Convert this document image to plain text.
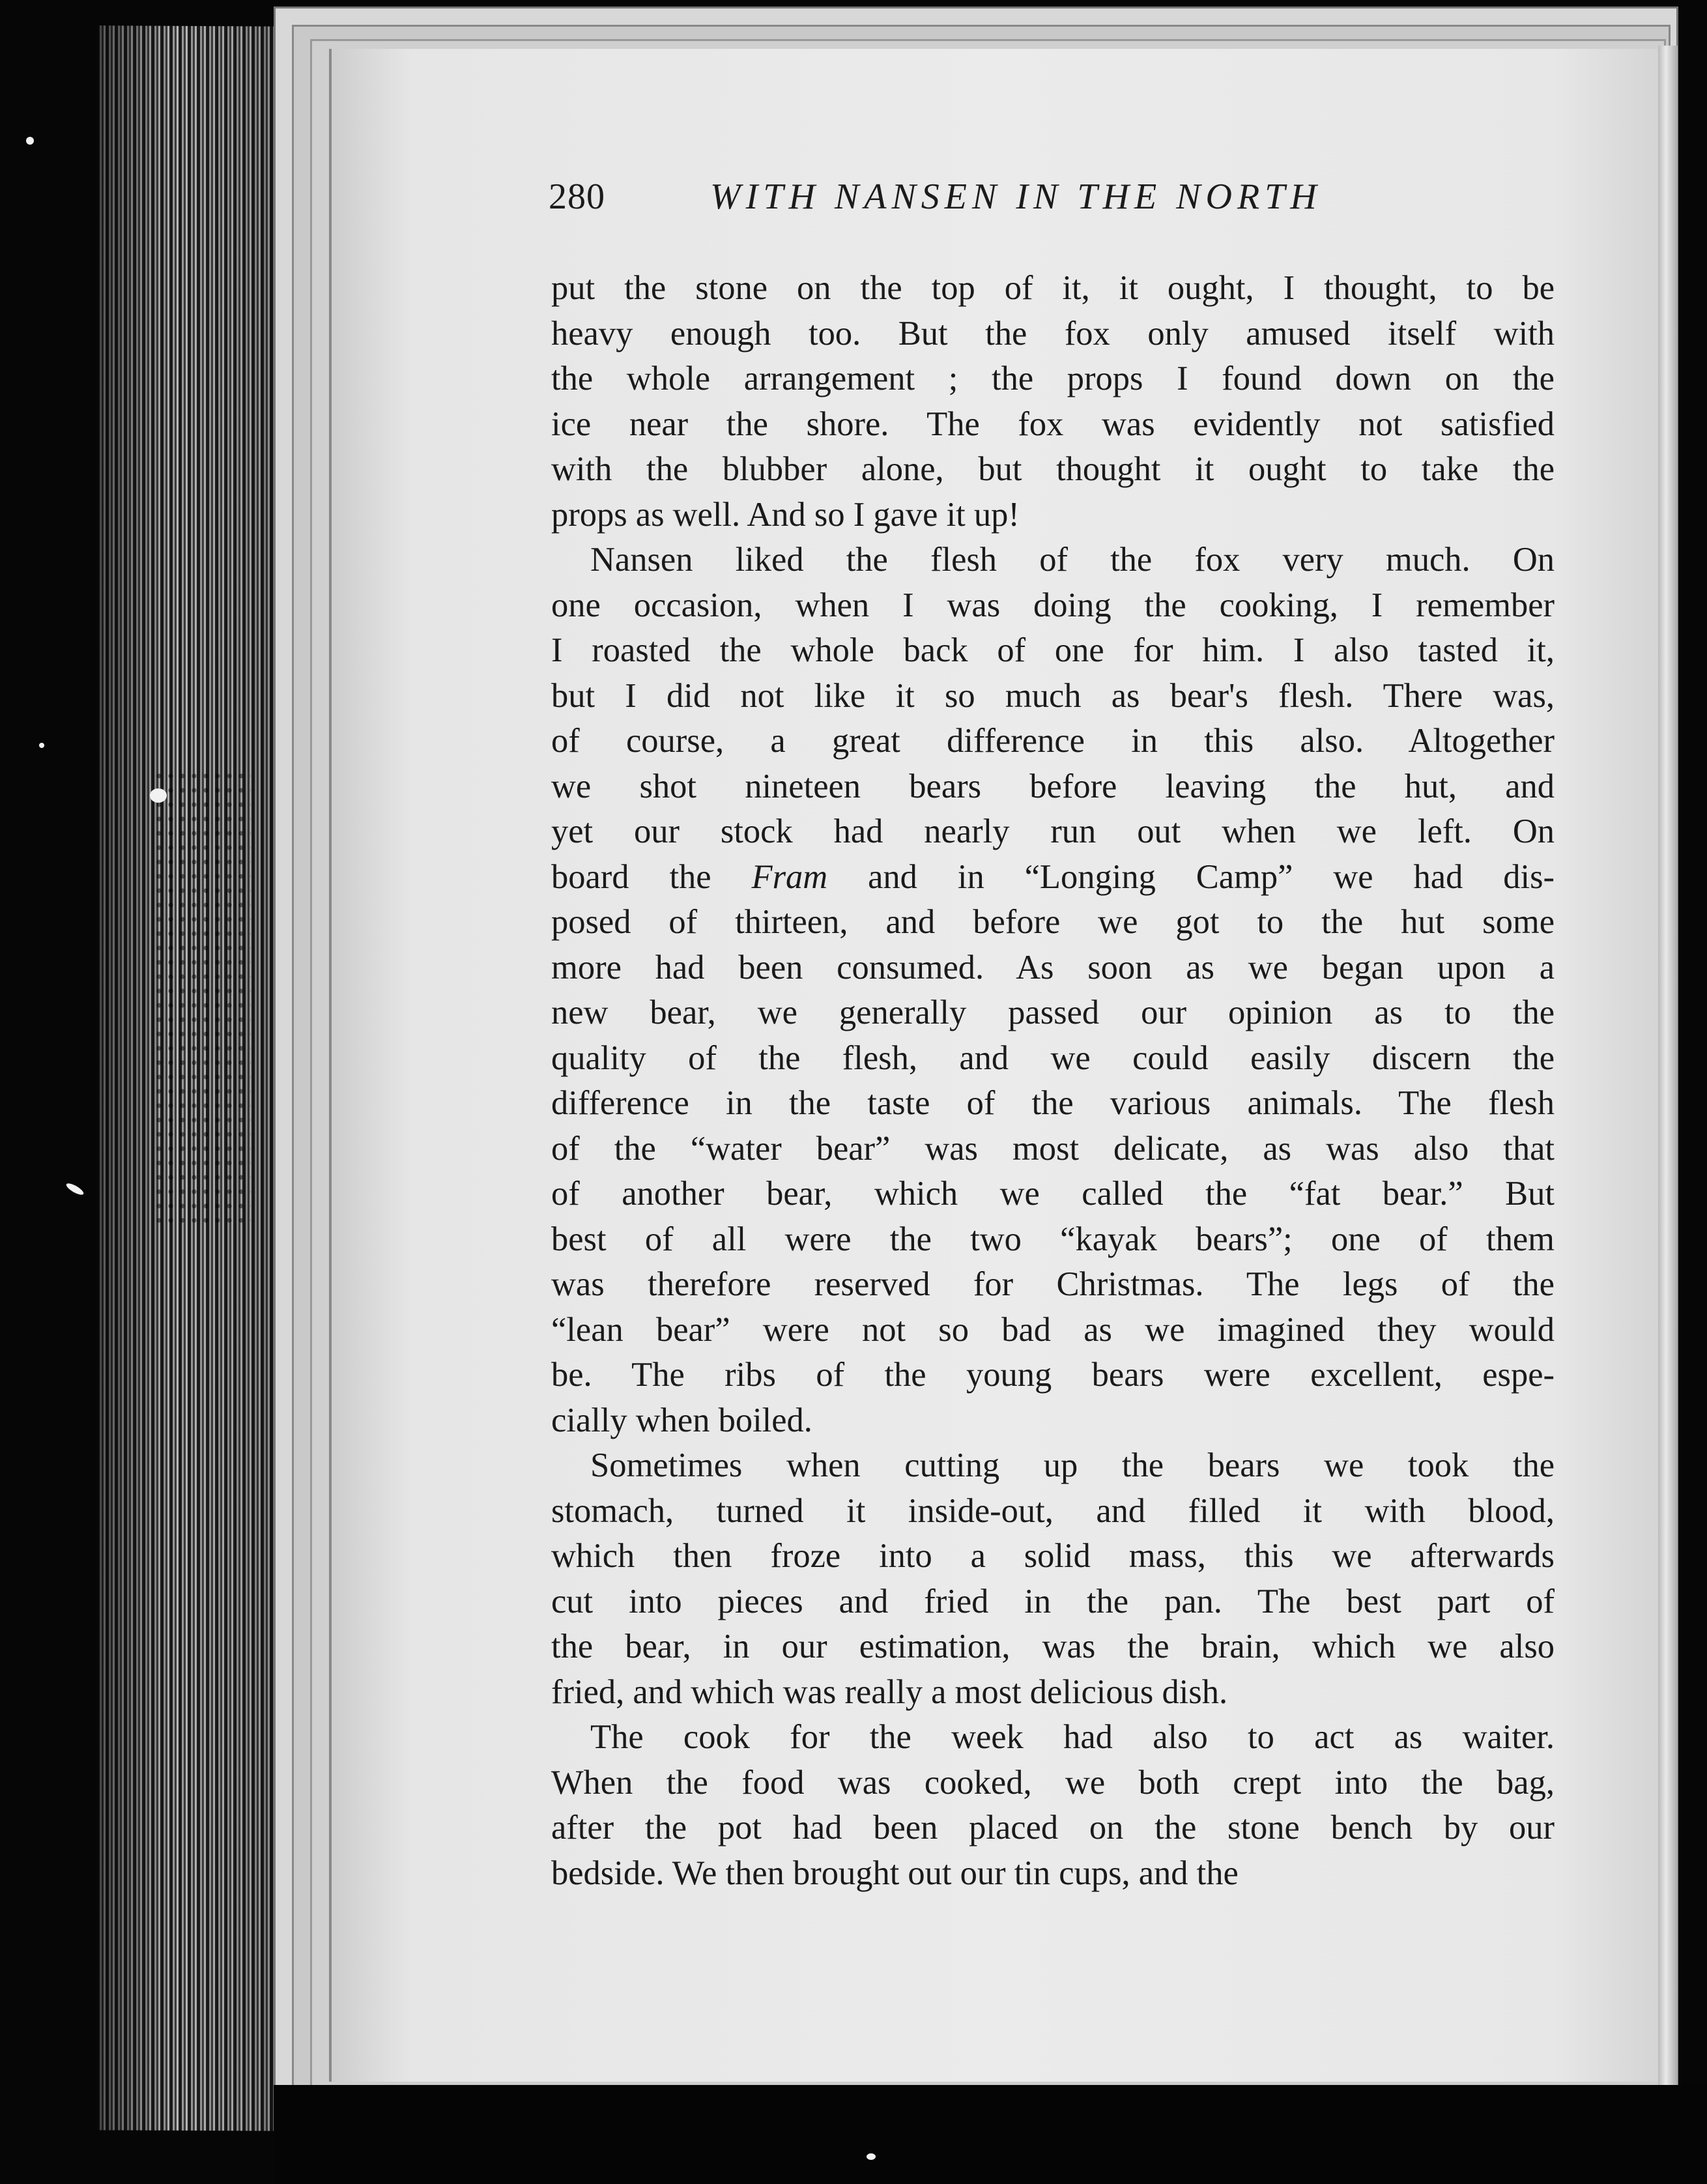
280	WITH NANSEN IN THE NORTH

put the stone on the top of it, it ought, I thought, to be
heavy enough too. But the fox only amused itself with
the whole arrangement ; the props I found down on the
ice near the shore. The fox was evidently not satisfied
with the blubber alone, but thought it ought to take the
props as well. And so I gave it up!

Nansen liked the flesh of the fox very much. On
one occasion, when I was doing the cooking, I remember
I roasted the whole back of one for him. I also tasted it,
but I did not like it so much as bear's flesh. There was,
of course, a great difference in this also. Altogether
we shot nineteen bears before leaving the hut, and
yet our stock had nearly run out when we left. On
board the Fram and in “Longing Camp” we had dis-
posed of thirteen, and before we got to the hut some
more had been consumed. As soon as we began upon a
new bear, we generally passed our opinion as to the
quality of the flesh, and we could easily discern the
difference in the taste of the various animals. The flesh
of the “water bear” was most delicate, as was also that
of another bear, which we called the “fat bear.” But
best of all were the two “kayak bears”; one of them
was therefore reserved for Christmas. The legs of the
“lean bear” were not so bad as we imagined they would
be. The ribs of the young bears were excellent, espe-
cially when boiled.

Sometimes when cutting up the bears we took the
stomach, turned it inside-out, and filled it with blood,
which then froze into a solid mass, this we afterwards
cut into pieces and fried in the pan. The best part of
the bear, in our estimation, was the brain, which we also
fried, and which was really a most delicious dish.

The cook for the week had also to act as waiter.
When the food was cooked, we both crept into the bag,
after the pot had been placed on the stone bench by our
bedside. We then brought out our tin cups, and the
